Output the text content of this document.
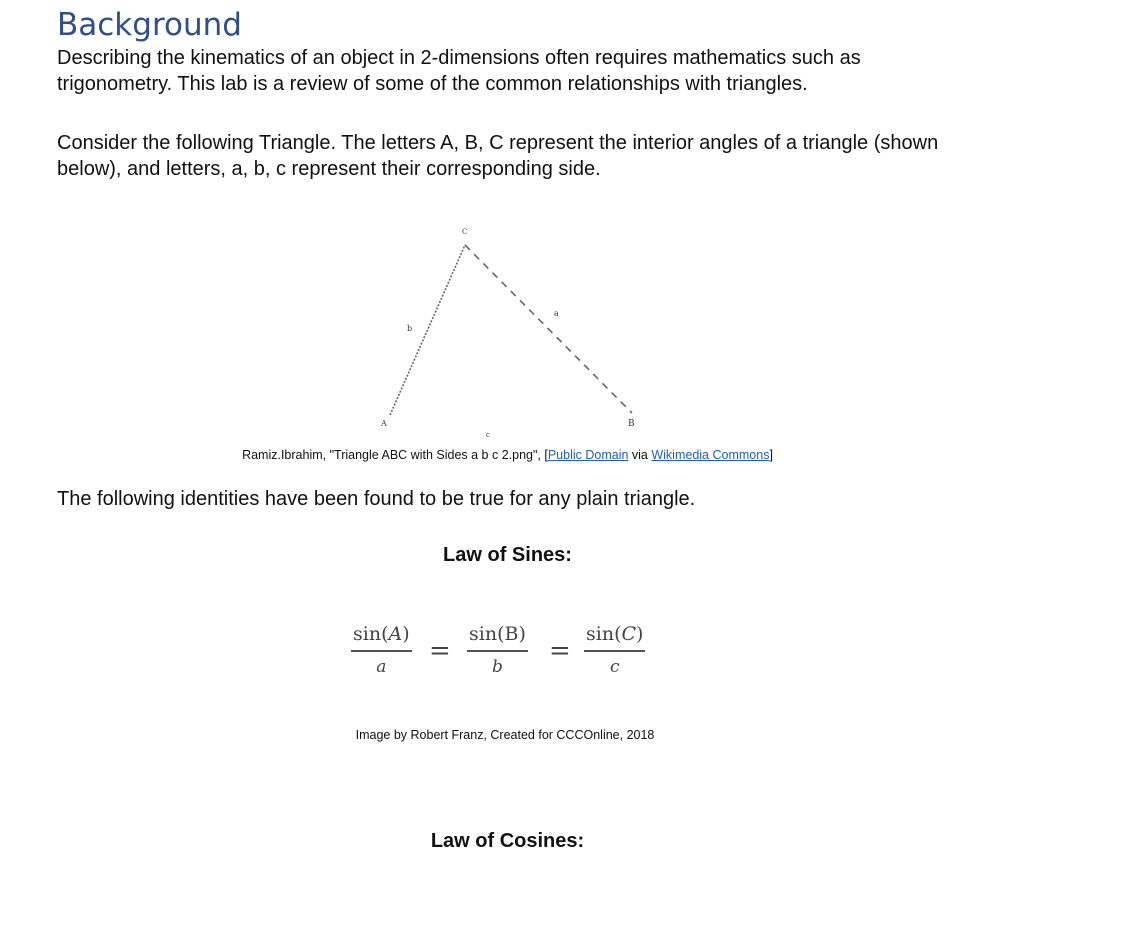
Background

Describing the kinematics of an object in 2-dimensions often requires mathematics such as trigonometry. This lab is a review of some of the common relationships with triangles.

Consider the following Triangle. The letters A, B, C represent the interior angles of a triangle (shown below), and letters, a, b, c represent their corresponding side.

A	B
C
a
b
c
Ramiz.Ibrahim, "Triangle ABC with Sides a b c 2.png", [Public Domain via Wikimedia Commons]

The following identities have been found to be true for any plain triangle.

Law of Sines:
sin(A)
a
=
sin(B)
b
=
sin(C)
c
Image by Robert Franz, Created for CCCOnline, 2018
Law of Cosines:
